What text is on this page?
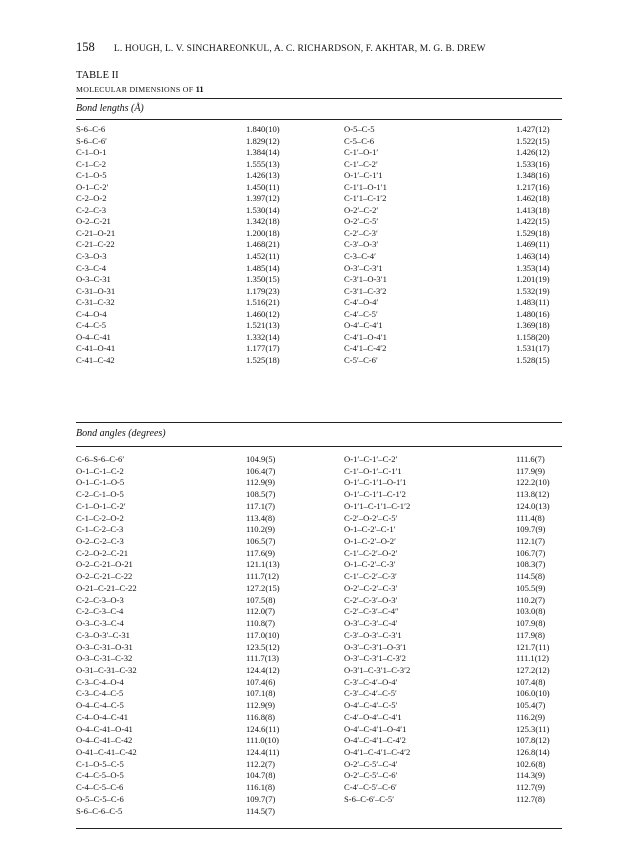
158 L. HOUGH, L. V. SINCHAREONKUL, A. C. RICHARDSON, F. AKHTAR, M. G. B. DREW
TABLE II
MOLECULAR DIMENSIONS OF 11
Bond lengths (Å)
S-6–C-6	1.840(10)	O-5–C-5	1.427(12)
S-6–C-6′	1.829(12)	C-5–C-6	1.522(15)
C-1–O-1	1.384(14)	C-1′–O-1′	1.426(12)
C-1–C-2	1.555(13)	C-1′–C-2′	1.533(16)
C-1–O-5	1.426(13)	O-1′–C-1′1	1.348(16)
O-1–C-2′	1.450(11)	C-1′1–O-1′1	1.217(16)
C-2–O-2	1.397(12)	C-1′1–C-1′2	1.462(18)
C-2–C-3	1.530(14)	O-2′–C-2′	1.413(18)
O-2–C-21	1.342(18)	O-2′–C-5′	1.422(15)
C-21–O-21	1.200(18)	C-2′–C-3′	1.529(18)
C-21–C-22	1.468(21)	C-3′–O-3′	1.469(11)
C-3–O-3	1.452(11)	C-3–C-4′	1.463(14)
C-3–C-4	1.485(14)	O-3′–C-3′1	1.353(14)
O-3–C-31	1.350(15)	C-3′1–O-3′1	1.201(19)
C-31–O-31	1.179(23)	C-3′1–C-3′2	1.532(19)
C-31–C-32	1.516(21)	C-4′–O-4′	1.483(11)
C-4–O-4	1.460(12)	C-4′–C-5′	1.480(16)
C-4–C-5	1.521(13)	O-4′–C-4′1	1.369(18)
O-4–C-41	1.332(14)	C-4′1–O-4′1	1.158(20)
C-41–O-41	1.177(17)	C-4′1–C-4′2	1.531(17)
C-41–C-42	1.525(18)	C-5′–C-6′	1.528(15)
Bond angles (degrees)
C-6–S-6–C-6′	104.9(5)	O-1′–C-1′–C-2′	111.6(7)
O-1–C-1–C-2	106.4(7)	C-1′–O-1′–C-1′1	117.9(9)
O-1–C-1–O-5	112.9(9)	O-1′–C-1′1–O-1′1	122.2(10)
C-2–C-1–O-5	108.5(7)	O-1′–C-1′1–C-1′2	113.8(12)
C-1–O-1–C-2′	117.1(7)	O-1′1–C-1′1–C-1′2	124.0(13)
C-1–C-2–O-2	113.4(8)	C-2′–O-2′–C-5′	111.4(8)
C-1–C-2–C-3	110.2(9)	O-1–C-2′–C-1′	109.7(9)
O-2–C-2–C-3	106.5(7)	O-1–C-2′–O-2′	112.1(7)
C-2–O-2–C-21	117.6(9)	C-1′–C-2′–O-2′	106.7(7)
O-2–C-21–O-21	121.1(13)	O-1–C-2′–C-3′	108.3(7)
O-2–C-21–C-22	111.7(12)	C-1′–C-2′–C-3′	114.5(8)
O-21–C-21–C-22	127.2(15)	O-2′–C-2′–C-3′	105.5(9)
C-2–C-3–O-3	107.5(8)	C-2′–C-3′–O-3′	110.2(7)
C-2–C-3–C-4	112.0(7)	C-2′–C-3′–C-4″	103.0(8)
O-3–C-3–C-4	110.8(7)	O-3′–C-3′–C-4′	107.9(8)
C-3–O-3′–C-31	117.0(10)	C-3′–O-3′–C-3′1	117.9(8)
O-3–C-31–O-31	123.5(12)	O-3′–C-3′1–O-3′1	121.7(11)
O-3–C-31–C-32	111.7(13)	O-3′–C-3′1–C-3′2	111.1(12)
O-31–C-31–C-32	124.4(12)	O-3′1–C-3′1–C-3′2	127.2(12)
C-3–C-4–O-4	107.4(6)	C-3′–C-4′–O-4′	107.4(8)
C-3–C-4–C-5	107.1(8)	C-3′–C-4′–C-5′	106.0(10)
O-4–C-4–C-5	112.9(9)	O-4′–C-4′–C-5′	105.4(7)
C-4–O-4–C-41	116.8(8)	C-4′–O-4′–C-4′1	116.2(9)
O-4–C-41–O-41	124.6(11)	O-4′–C-4′1–O-4′1	125.3(11)
O-4–C-41–C-42	111.0(10)	O-4′–C-4′1–C-4′2	107.8(12)
O-41–C-41–C-42	124.4(11)	O-4′1–C-4′1–C-4′2	126.8(14)
C-1–O-5–C-5	112.2(7)	O-2′–C-5′–C-4′	102.6(8)
C-4–C-5–O-5	104.7(8)	O-2′–C-5′–C-6′	114.3(9)
C-4–C-5–C-6	116.1(8)	C-4′–C-5′–C-6′	112.7(9)
O-5–C-5–C-6	109.7(7)	S-6–C-6′–C-5′	112.7(8)
S-6–C-6–C-5	114.5(7)
